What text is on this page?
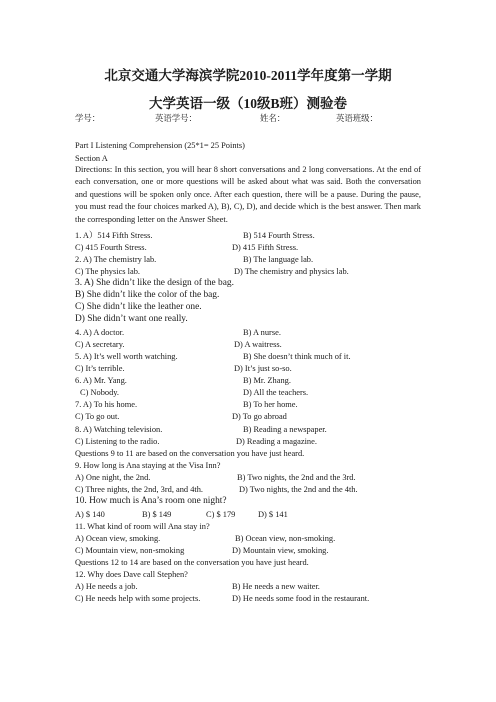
北京交通大学海滨学院2010-2011学年度第一学期
大学英语一级（10级B班）测验卷
学号：	英语学号：	姓名：	英语班级：
Part I Listening Comprehension (25*1= 25 Points)
Section A
Directions: In this section, you will hear 8 short conversations and 2 long conversations. At the end of each conversation, one or more questions will be asked about what was said. Both the conversation and questions will be spoken only once. After each question, there will be a pause. During the pause, you must read the four choices marked A), B), C), D), and decide which is the best answer. Then mark the corresponding letter on the Answer Sheet.
1. A）514 Fifth Stress.	B) 514 Fourth Stress.
C) 415 Fourth Stress.	D) 415 Fifth Stress.
2. A) The chemistry lab.	B) The language lab.
C) The physics lab.	D) The chemistry and physics lab.
3. A) She didn’t like the design of the bag.
B) She didn’t like the color of the bag.
C) She didn’t like the leather one.
D) She didn’t want one really.
4. A) A doctor.	B) A nurse.
C) A secretary.	D) A waitress.
5. A) It’s well worth watching.	B) She doesn’t think much of it.
C) It’s terrible.	D) It’s just so-so.
6. A) Mr. Yang.	B) Mr. Zhang.
C) Nobody.	D) All the teachers.
7. A) To his home.	B) To her home.
C) To go out.	D) To go abroad
8. A) Watching television.	B) Reading a newspaper.
C) Listening to the radio.	D) Reading a magazine.
Questions 9 to 11 are based on the conversation you have just heard.
9. How long is Ana staying at the Visa Inn?
A) One night, the 2nd.	B) Two nights, the 2nd and the 3rd.
C) Three nights, the 2nd, 3rd, and 4th.	D) Two nights, the 2nd and the 4th.
10. How much is Ana’s room one night?
A) $ 140	B) $ 149	C) $ 179	D) $ 141
11. What kind of room will Ana stay in?
A) Ocean view, smoking.	B) Ocean view, non-smoking.
C) Mountain view, non-smoking	D) Mountain view, smoking.
Questions 12 to 14 are based on the conversation you have just heard.
12. Why does Dave call Stephen?
A) He needs a job.	B) He needs a new waiter.
C) He needs help with some projects.	D) He needs some food in the restaurant.
